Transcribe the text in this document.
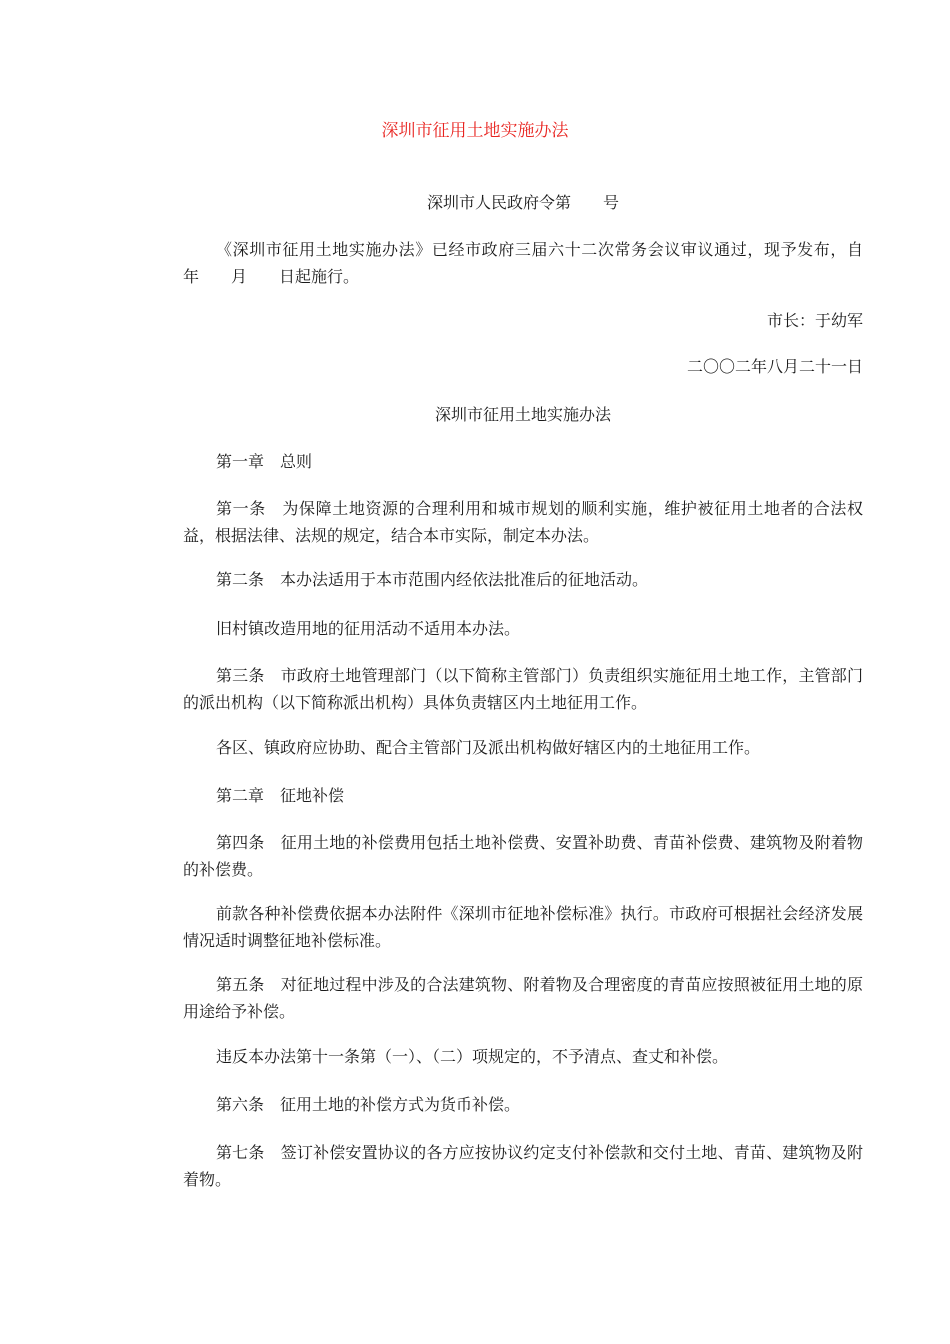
深圳市征用土地实施办法

深圳市人民政府令第　　号

《深圳市征用土地实施办法》已经市政府三届六十二次常务会议审议通过，现予发布，自　　年　　月　　日起施行。

市长：于幼军

二〇〇二年八月二十一日

深圳市征用土地实施办法

第一章　总则

第一条　为保障土地资源的合理利用和城市规划的顺利实施，维护被征用土地者的合法权益，根据法律、法规的规定，结合本市实际，制定本办法。

第二条　本办法适用于本市范围内经依法批准后的征地活动。

旧村镇改造用地的征用活动不适用本办法。

第三条　市政府土地管理部门（以下简称主管部门）负责组织实施征用土地工作，主管部门的派出机构（以下简称派出机构）具体负责辖区内土地征用工作。

各区、镇政府应协助、配合主管部门及派出机构做好辖区内的土地征用工作。

第二章　征地补偿

第四条　征用土地的补偿费用包括土地补偿费、安置补助费、青苗补偿费、建筑物及附着物的补偿费。

前款各种补偿费依据本办法附件《深圳市征地补偿标准》执行。市政府可根据社会经济发展情况适时调整征地补偿标准。

第五条　对征地过程中涉及的合法建筑物、附着物及合理密度的青苗应按照被征用土地的原用途给予补偿。

违反本办法第十一条第（一）、（二）项规定的，不予清点、查丈和补偿。

第六条　征用土地的补偿方式为货币补偿。

第七条　签订补偿安置协议的各方应按协议约定支付补偿款和交付土地、青苗、建筑物及附着物。
